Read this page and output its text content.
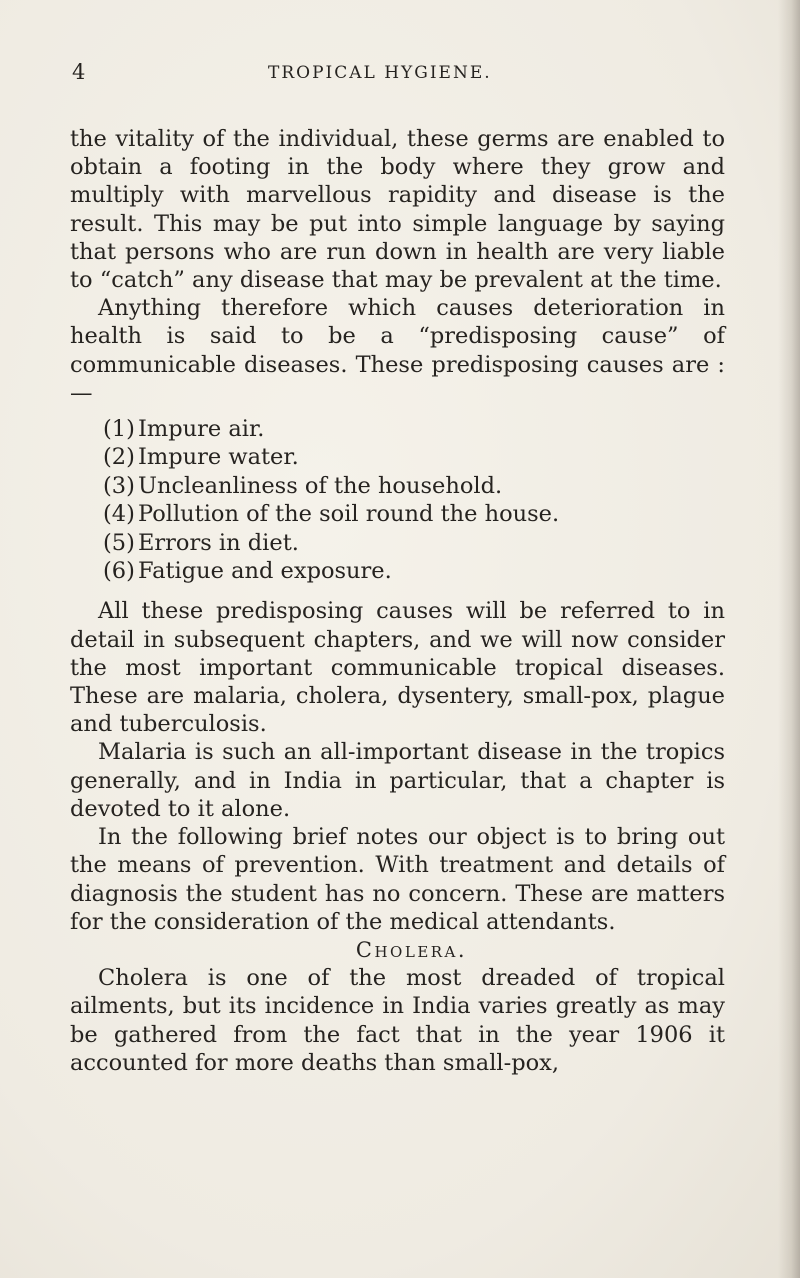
4	TROPICAL HYGIENE.

the vitality of the individual, these germs are enabled to obtain a footing in the body where they grow and multiply with marvellous rapidity and disease is the result. This may be put into simple language by saying that persons who are run down in health are very liable to “catch” any disease that may be prevalent at the time.

Anything therefore which causes deterioration in health is said to be a “predisposing cause” of communicable diseases. These predisposing causes are :—

(1) Impure air.
(2) Impure water.
(3) Uncleanliness of the household.
(4) Pollution of the soil round the house.
(5) Errors in diet.
(6) Fatigue and exposure.

All these predisposing causes will be referred to in detail in subsequent chapters, and we will now consider the most important communicable tropical diseases. These are malaria, cholera, dysentery, small-pox, plague and tuberculosis.

Malaria is such an all-important disease in the tropics generally, and in India in particular, that a chapter is devoted to it alone.

In the following brief notes our object is to bring out the means of prevention. With treatment and details of diagnosis the student has no concern. These are matters for the consideration of the medical attendants.

Cholera.

Cholera is one of the most dreaded of tropical ailments, but its incidence in India varies greatly as may be gathered from the fact that in the year 1906 it accounted for more deaths than small-pox,
